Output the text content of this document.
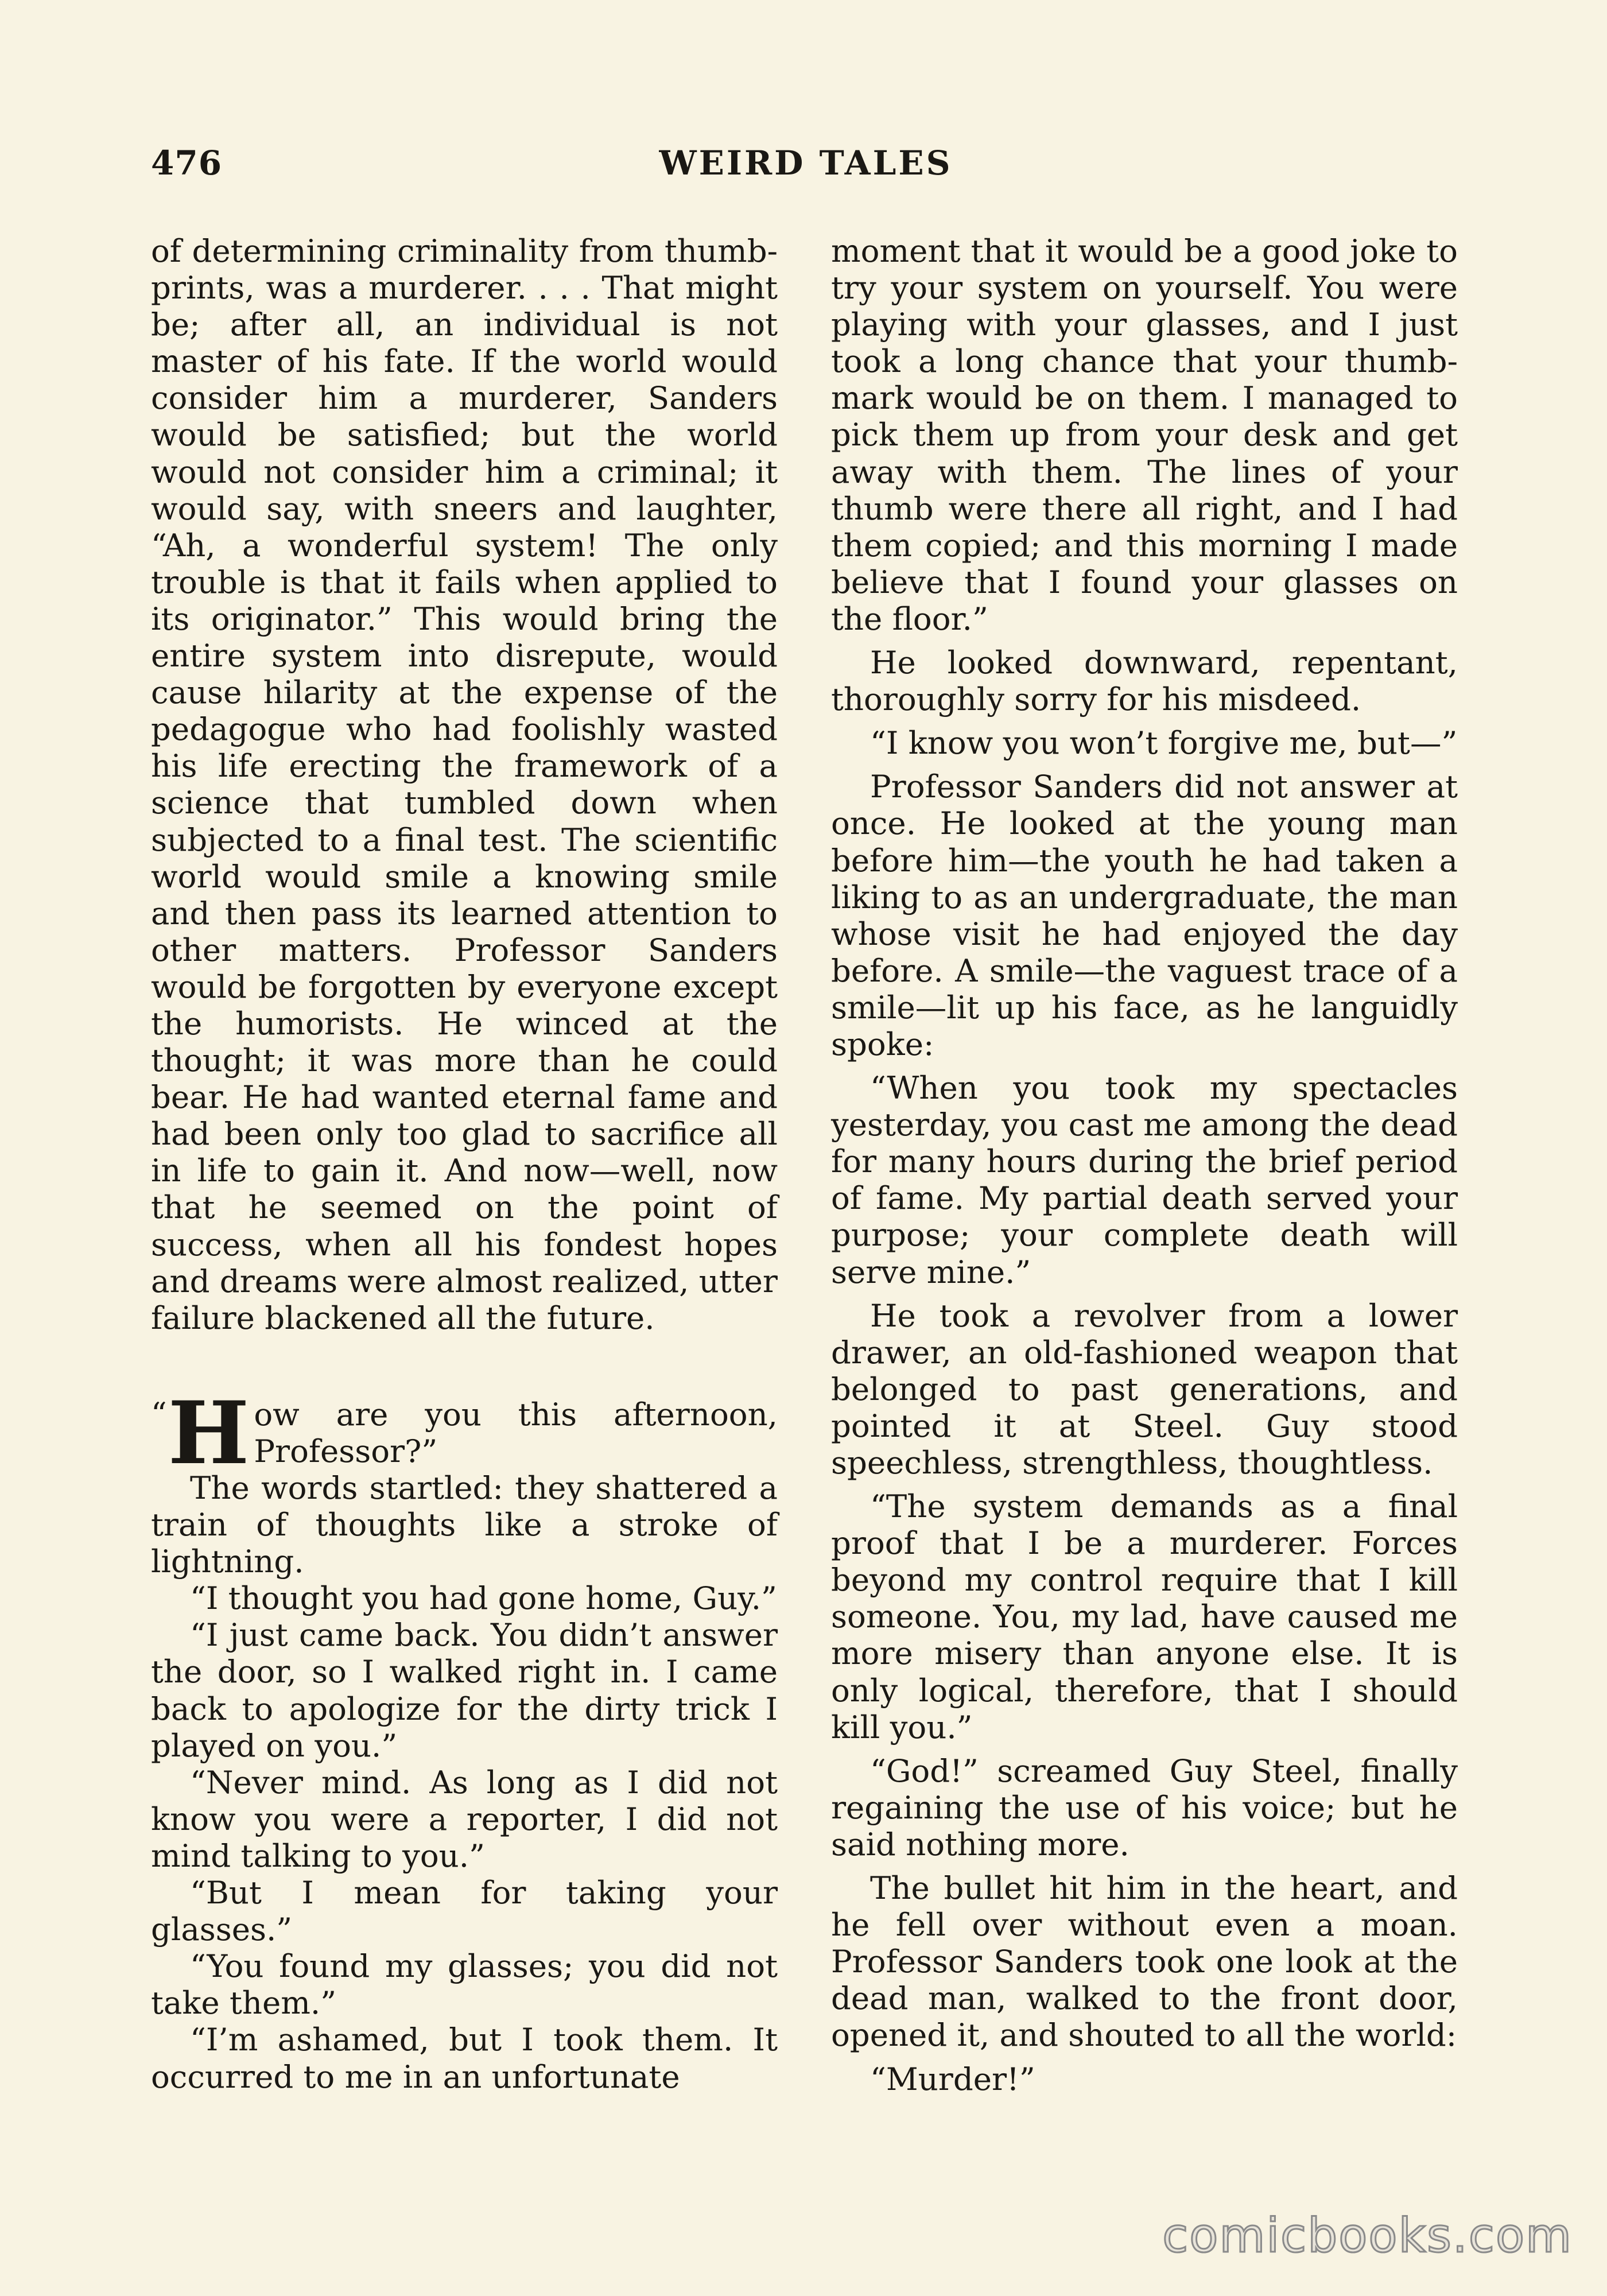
476	WEIRD TALES

of determining criminality from thumb-prints, was a murderer. . . . That might be; after all, an individual is not master of his fate. If the world would consider him a murderer, Sanders would be satisfied; but the world would not consider him a criminal; it would say, with sneers and laughter, “Ah, a wonderful system! The only trouble is that it fails when applied to its originator.” This would bring the entire system into disrepute, would cause hilarity at the expense of the pedagogue who had foolishly wasted his life erecting the framework of a science that tumbled down when subjected to a final test. The scientific world would smile a knowing smile and then pass its learned attention to other matters. Professor Sanders would be forgotten by everyone except the humorists. He winced at the thought; it was more than he could bear. He had wanted eternal fame and had been only too glad to sacrifice all in life to gain it. And now—well, now that he seemed on the point of success, when all his fondest hopes and dreams were almost realized, utter failure blackened all the future.

“ H ow are you this afternoon, Professor?”

The words startled: they shattered a train of thoughts like a stroke of lightning.

“I thought you had gone home, Guy.”

“I just came back. You didn’t answer the door, so I walked right in. I came back to apologize for the dirty trick I played on you.”

“Never mind. As long as I did not know you were a reporter, I did not mind talking to you.”

“But I mean for taking your glasses.”

“You found my glasses; you did not take them.”

“I’m ashamed, but I took them. It occurred to me in an unfortunate

moment that it would be a good joke to try your system on yourself. You were playing with your glasses, and I just took a long chance that your thumb-mark would be on them. I managed to pick them up from your desk and get away with them. The lines of your thumb were there all right, and I had them copied; and this morning I made believe that I found your glasses on the floor.”

He looked downward, repentant, thoroughly sorry for his misdeed.

“I know you won’t forgive me, but—”

Professor Sanders did not answer at once. He looked at the young man before him—the youth he had taken a liking to as an undergraduate, the man whose visit he had enjoyed the day before. A smile—the vaguest trace of a smile—lit up his face, as he languidly spoke:

“When you took my spectacles yesterday, you cast me among the dead for many hours during the brief period of fame. My partial death served your purpose; your complete death will serve mine.”

He took a revolver from a lower drawer, an old-fashioned weapon that belonged to past generations, and pointed it at Steel. Guy stood speechless, strengthless, thoughtless.

“The system demands as a final proof that I be a murderer. Forces beyond my control require that I kill someone. You, my lad, have caused me more misery than anyone else. It is only logical, therefore, that I should kill you.”

“God!” screamed Guy Steel, finally regaining the use of his voice; but he said nothing more.

The bullet hit him in the heart, and he fell over without even a moan. Professor Sanders took one look at the dead man, walked to the front door, opened it, and shouted to all the world:

“Murder!”

comicbooks.com
